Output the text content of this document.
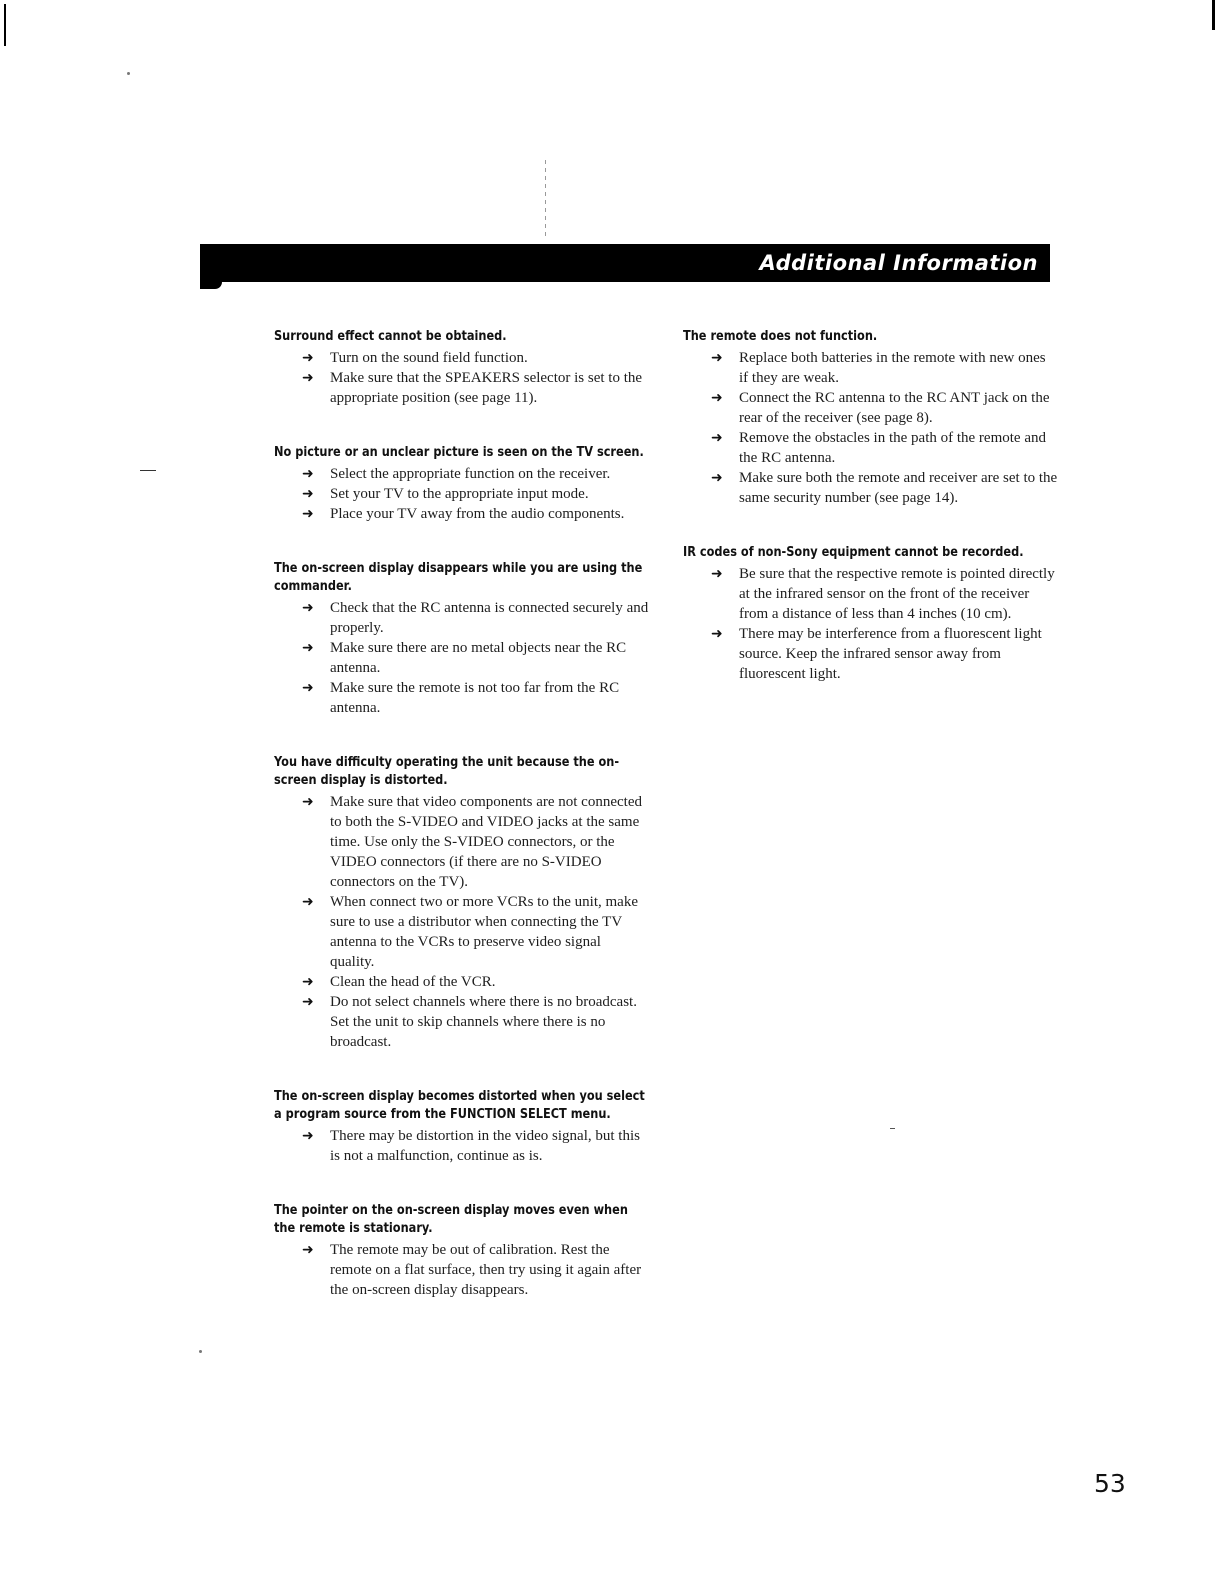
Additional Information
Surround effect cannot be obtained.
➜ Turn on the sound field function.
➜ Make sure that the SPEAKERS selector is set to the appropriate position (see page 11).
No picture or an unclear picture is seen on the TV screen.
➜ Select the appropriate function on the receiver.
➜ Set your TV to the appropriate input mode.
➜ Place your TV away from the audio components.
The on-screen display disappears while you are using the commander.
➜ Check that the RC antenna is connected securely and properly.
➜ Make sure there are no metal objects near the RC antenna.
➜ Make sure the remote is not too far from the RC antenna.
You have difficulty operating the unit because the on-screen display is distorted.
➜ Make sure that video components are not connected to both the S-VIDEO and VIDEO jacks at the same time. Use only the S-VIDEO connectors, or the VIDEO connectors (if there are no S-VIDEO connectors on the TV).
➜ When connect two or more VCRs to the unit, make sure to use a distributor when connecting the TV antenna to the VCRs to preserve video signal quality.
➜ Clean the head of the VCR.
➜ Do not select channels where there is no broadcast. Set the unit to skip channels where there is no broadcast.
The on-screen display becomes distorted when you select a program source from the FUNCTION SELECT menu.
➜ There may be distortion in the video signal, but this is not a malfunction, continue as is.
The pointer on the on-screen display moves even when the remote is stationary.
➜ The remote may be out of calibration. Rest the remote on a flat surface, then try using it again after the on-screen display disappears.
The remote does not function.
➜ Replace both batteries in the remote with new ones if they are weak.
➜ Connect the RC antenna to the RC ANT jack on the rear of the receiver (see page 8).
➜ Remove the obstacles in the path of the remote and the RC antenna.
➜ Make sure both the remote and receiver are set to the same security number (see page 14).
IR codes of non-Sony equipment cannot be recorded.
➜ Be sure that the respective remote is pointed directly at the infrared sensor on the front of the receiver from a distance of less than 4 inches (10 cm).
➜ There may be interference from a fluorescent light source. Keep the infrared sensor away from fluorescent light.
53
